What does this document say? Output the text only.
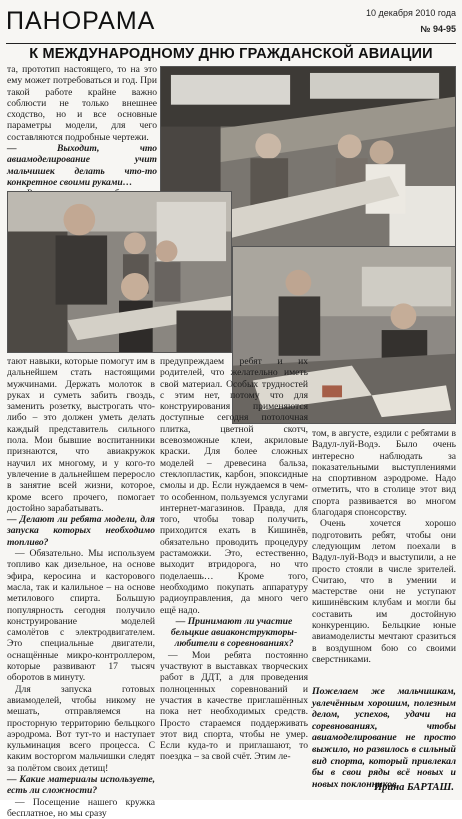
ПАНОРАМА	10 декабря 2010 года
№ 94-95
К МЕЖДУНАРОДНОМУ ДНЮ ГРАЖДАНСКОЙ АВИАЦИИ

та, прототип настоящего, то на это ему может потребоваться и год. При такой работе крайне важно соблюсти не только внешнее сходство, но и все основные параметры модели, для чего составляются подробные чертежи.

— Выходит, что авиамоделирование учит мальчишек делать что-то конкретное своими руками…

тают навыки, которые помогут им в дальнейшем стать настоящими мужчинами. Держать молоток в руках и суметь забить гвоздь, заменить розетку, выстрогать что-либо – это должен уметь делать каждый представитель сильного пола. Мои бывшие воспитанники признаются, что авиакружок научил их многому, и у кого-то увлечение в дальнейшем переросло в занятие всей жизни, которое, кроме всего прочего, помогает достойно зарабатывать.

— Делают ли ребята модели, для запуска которых необходимо топливо?

— Обязательно. Мы используем топливо как дизельное, на основе эфира, керосина и касторового масла, так и калильное – на основе метилового спирта. Большую популярность сегодня получило конструирование моделей самолётов с электродвигателем. Это специальные двигатели, оснащённые микро-контроллером, которые развивают 17 тысяч оборотов в минуту.

Для запуска готовых авиамоделей, чтобы никому не мешать, отправляемся на просторную территорию бельцкого аэродрома. Вот тут-то и наступает кульминация всего процесса. С каким восторгом мальчишки следят за полётом своих детищ!

— Какие материалы используете, есть ли сложности?

— Посещение нашего кружка бесплатное, но мы сразу

предупреждаем ребят и их родителей, что желательно иметь свой материал. Особых трудностей с этим нет, потому что для конструирования применяются доступные сегодня потолочная плитка, цветной скотч, всевозможные клеи, акриловые краски. Для более сложных моделей – древесина бальза, стеклопластик, карбон, эпоксидные смолы и др. Если нуждаемся в чем-то особенном, пользуемся услугами интернет-магазинов. Правда, для того, чтобы товар получить, приходится ехать в Кишинёв, обязательно проводить процедуру растаможки. Это, естественно, выходит втридорога, но что поделаешь… Кроме того, необходимо покупать аппаратуру радиоуправления, да много чего ещё надо.

— Принимают ли участие бельцкие авиаконструкторы-любители в соревнованиях?

— Мои ребята постоянно участвуют в выставках творческих работ в ДДТ, а для проведения полноценных соревнований и участия в качестве приглашённых пока нет необходимых средств. Просто стараемся поддерживать этот вид спорта, чтобы не умер. Если куда-то и приглашают, то поездка – за свой счёт. Этим ле-

том, в августе, ездили с ребятами в Вадул-луй-Водэ. Было очень интересно наблюдать за показательными выступлениями на спортивном аэродроме. Надо отметить, что в столице этот вид спорта развивается во многом благодаря спонсорству.

Очень хочется хорошо подготовить ребят, чтобы они следующим летом поехали в Вадул-луй-Водэ и выступили, а не просто стояли в числе зрителей. Считаю, что в умении и мастерстве они не уступают кишинёвским клубам и могли бы составить им достойную конкуренцию. Бельцкие юные авиамоделисты мечтают сразиться в воздушном бою со своими сверстниками.

Пожелаем же мальчишкам, увлечённым хорошим, полезным делом, успехов, удачи на соревнованиях, чтобы авиамоделирование не просто выжило, но развилось в сильный вид спорта, который привлекал бы в свои ряды всё новых и новых поклонников.
Ирина БАРТАШ.
